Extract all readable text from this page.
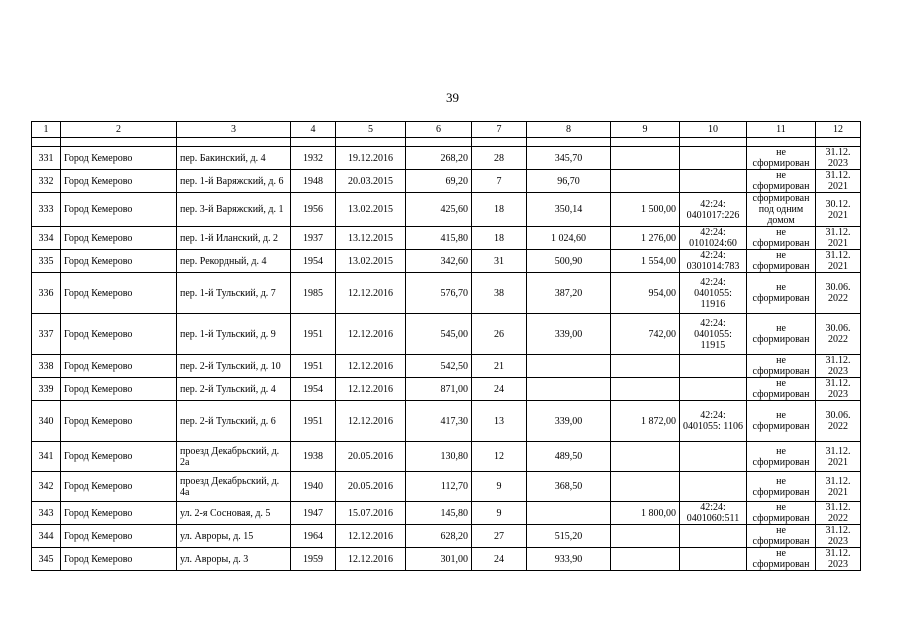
39
1	2	3	4	5	6	7	8	9	10	11	12

331	Город Кемерово	пер. Бакинский, д. 4	1932	19.12.2016	268,20	28	345,70			не сформирован	31.12. 2023
332	Город Кемерово	пер. 1-й Варяжский, д. 6	1948	20.03.2015	69,20	7	96,70			не сформирован	31.12. 2021
333	Город Кемерово	пер. 3-й Варяжский, д. 1	1956	13.02.2015	425,60	18	350,14	1 500,00	42:24: 0401017:226	сформирован под одним домом	30.12. 2021
334	Город Кемерово	пер. 1-й Иланский, д. 2	1937	13.12.2015	415,80	18	1 024,60	1 276,00	42:24: 0101024:60	не сформирован	31.12. 2021
335	Город Кемерово	пер. Рекордный, д. 4	1954	13.02.2015	342,60	31	500,90	1 554,00	42:24: 0301014:783	не сформирован	31.12. 2021
336	Город Кемерово	пер. 1-й Тульский, д. 7	1985	12.12.2016	576,70	38	387,20	954,00	42:24: 0401055: 11916	не сформирован	30.06. 2022
337	Город Кемерово	пер. 1-й Тульский, д. 9	1951	12.12.2016	545,00	26	339,00	742,00	42:24: 0401055: 11915	не сформирован	30.06. 2022
338	Город Кемерово	пер. 2-й Тульский, д. 10	1951	12.12.2016	542,50	21				не сформирован	31.12. 2023
339	Город Кемерово	пер. 2-й Тульский, д. 4	1954	12.12.2016	871,00	24				не сформирован	31.12. 2023
340	Город Кемерово	пер. 2-й Тульский, д. 6	1951	12.12.2016	417,30	13	339,00	1 872,00	42:24: 0401055: 1106	не сформирован	30.06. 2022
341	Город Кемерово	проезд Декабрьский, д. 2а	1938	20.05.2016	130,80	12	489,50			не сформирован	31.12. 2021
342	Город Кемерово	проезд Декабрьский, д. 4а	1940	20.05.2016	112,70	9	368,50			не сформирован	31.12. 2021
343	Город Кемерово	ул. 2-я Сосновая, д. 5	1947	15.07.2016	145,80	9		1 800,00	42:24: 0401060:511	не сформирован	31.12. 2022
344	Город Кемерово	ул. Авроры, д. 15	1964	12.12.2016	628,20	27	515,20			не сформирован	31.12. 2023
345	Город Кемерово	ул. Авроры, д. 3	1959	12.12.2016	301,00	24	933,90			не сформирован	31.12. 2023
